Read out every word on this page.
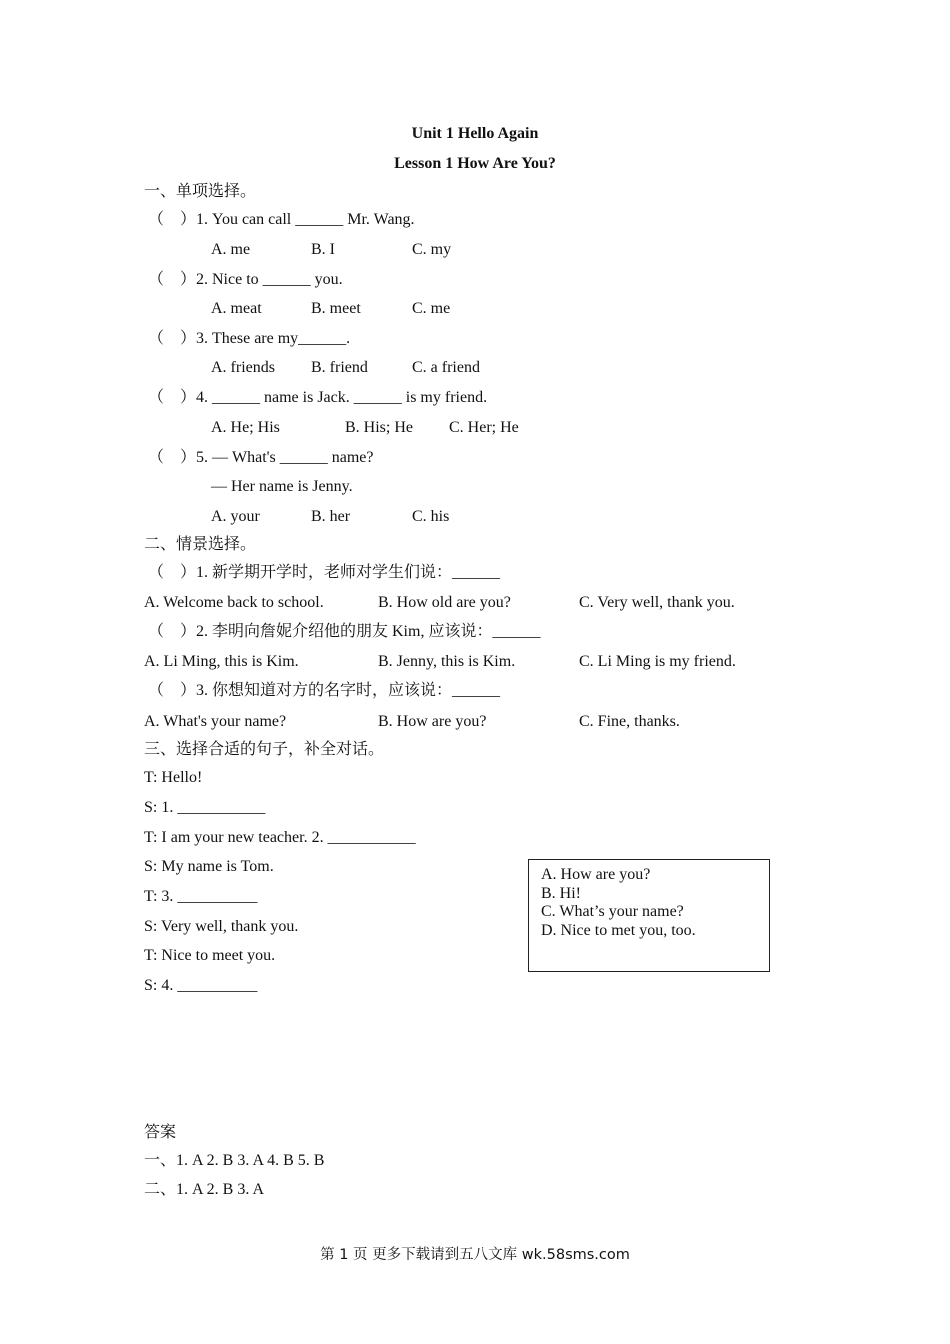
Unit 1 Hello Again
Lesson 1 How Are You?
一、单项选择。
（　）1. You can call ______ Mr. Wang.
A. me	B. I	C. my
（　）2. Nice to ______ you.
A. meat	B. meet	C. me
（　）3. These are my______.
A. friends B. friend	C. a friend
（　）4. ______ name is Jack. ______ is my friend.
A. He; His	B. His; He C. Her; He
（　）5. — What's ______ name?
— Her name is Jenny.
A. your	B. her	C. his
二、情景选择。
（　）1. 新学期开学时，老师对学生们说：______
A. Welcome back to school.	B. How old are you?	C. Very well, thank you.
（　）2. 李明向詹妮介绍他的朋友 Kim, 应该说：______
A. Li Ming, this is Kim.	B. Jenny, this is Kim.	C. Li Ming is my friend.
（　）3. 你想知道对方的名字时，应该说：______
A. What's your name?	B. How are you?	C. Fine, thanks.
三、选择合适的句子，补全对话。
T: Hello!
S: 1. ___________
T: I am your new teacher. 2. ___________
S: My name is Tom.
T: 3. __________
S: Very well, thank you.
T: Nice to meet you.
S: 4. __________
A. How are you?
B. Hi!
C. What’s your name?
D. Nice to met you, too.
答案
一、1. A 2. B 3. A 4. B 5. B
二、1. A 2. B 3. A
第 1 页 更多下载请到五八文库 wk.58sms.com
